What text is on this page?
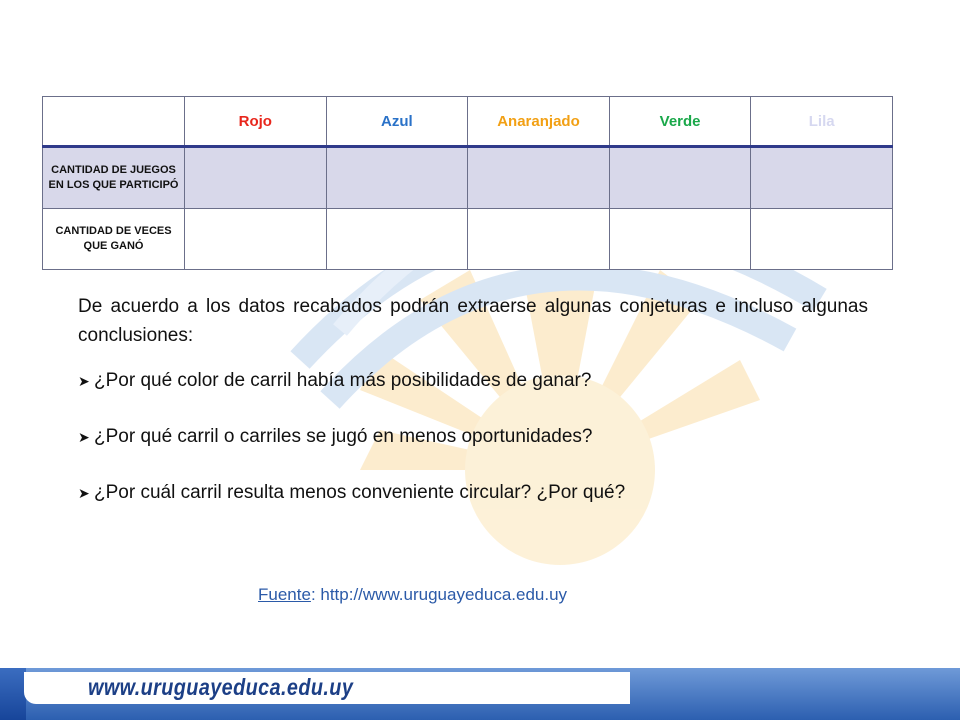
	Rojo	Azul	Anaranjado	Verde	Lila
CANTIDAD DE JUEGOS EN LOS QUE PARTICIPÓ					
CANTIDAD DE VECES QUE GANÓ					

De acuerdo a los datos recabados podrán extraerse algunas conjeturas e incluso algunas conclusiones:

➤ ¿Por qué color de carril había más posibilidades de ganar?
➤ ¿Por qué carril o carriles se jugó en menos oportunidades?
➤ ¿Por cuál carril resulta menos conveniente circular? ¿Por qué?
Fuente: http://www.uruguayeduca.edu.uy
www.uruguayeduca.edu.uy
